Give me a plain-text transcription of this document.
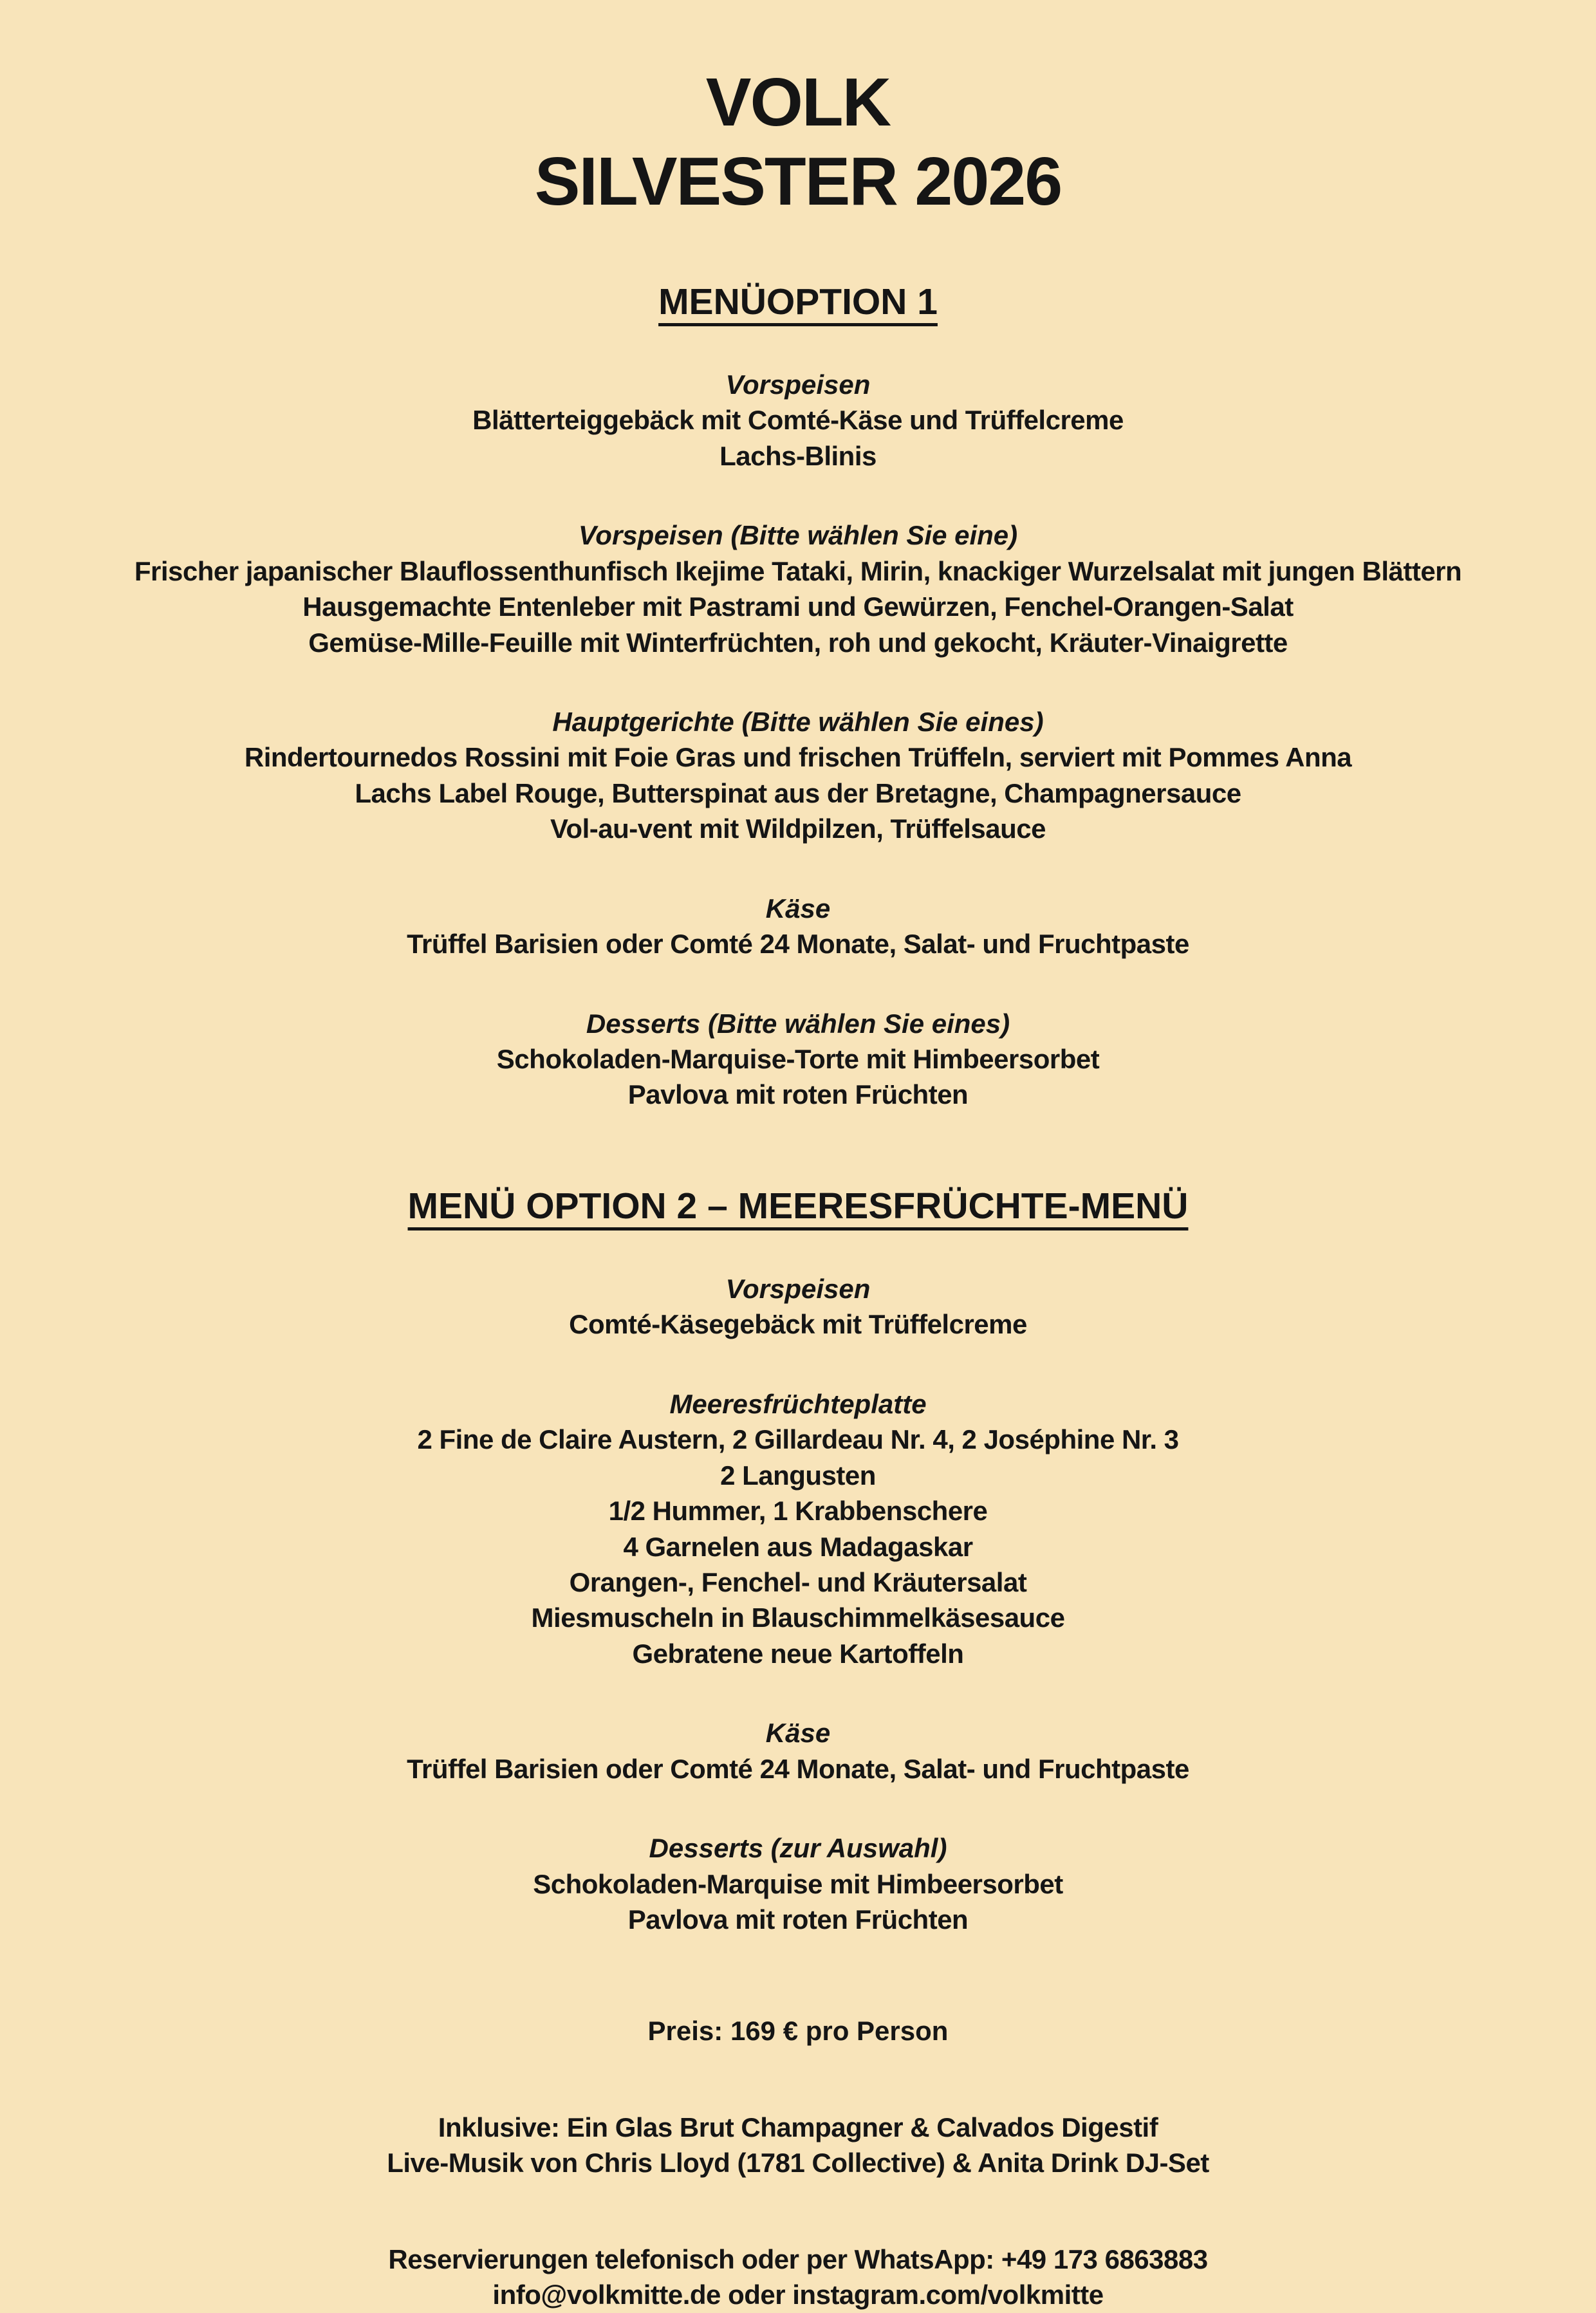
VOLK
SILVESTER 2026
MENÜOPTION 1
Vorspeisen
Blätterteiggebäck mit Comté-Käse und Trüffelcreme
Lachs-Blinis
Vorspeisen (Bitte wählen Sie eine)
Frischer japanischer Blauflossenthunfisch Ikejime Tataki, Mirin, knackiger Wurzelsalat mit jungen Blättern
Hausgemachte Entenleber mit Pastrami und Gewürzen, Fenchel-Orangen-Salat
Gemüse-Mille-Feuille mit Winterfrüchten, roh und gekocht, Kräuter-Vinaigrette
Hauptgerichte (Bitte wählen Sie eines)
Rindertournedos Rossini mit Foie Gras und frischen Trüffeln, serviert mit Pommes Anna
Lachs Label Rouge, Butterspinat aus der Bretagne, Champagnersauce
Vol-au-vent mit Wildpilzen, Trüffelsauce
Käse
Trüffel Barisien oder Comté 24 Monate, Salat- und Fruchtpaste
Desserts (Bitte wählen Sie eines)
Schokoladen-Marquise-Torte mit Himbeersorbet
Pavlova mit roten Früchten
MENÜ OPTION 2 – MEERESFRÜCHTE-MENÜ
Vorspeisen
Comté-Käsegebäck mit Trüffelcreme
Meeresfrüchteplatte
2 Fine de Claire Austern, 2 Gillardeau Nr. 4, 2 Joséphine Nr. 3
2 Langusten
1/2 Hummer, 1 Krabbenschere
4 Garnelen aus Madagaskar
Orangen-, Fenchel- und Kräutersalat
Miesmuscheln in Blauschimmelkäsesauce
Gebratene neue Kartoffeln
Käse
Trüffel Barisien oder Comté 24 Monate, Salat- und Fruchtpaste
Desserts (zur Auswahl)
Schokoladen-Marquise mit Himbeersorbet
Pavlova mit roten Früchten
Preis: 169 € pro Person
Inklusive: Ein Glas Brut Champagner & Calvados Digestif
Live-Musik von Chris Lloyd (1781 Collective) & Anita Drink DJ-Set
Reservierungen telefonisch oder per WhatsApp: +49 173 6863883
info@volkmitte.de oder instagram.com/volkmitte
